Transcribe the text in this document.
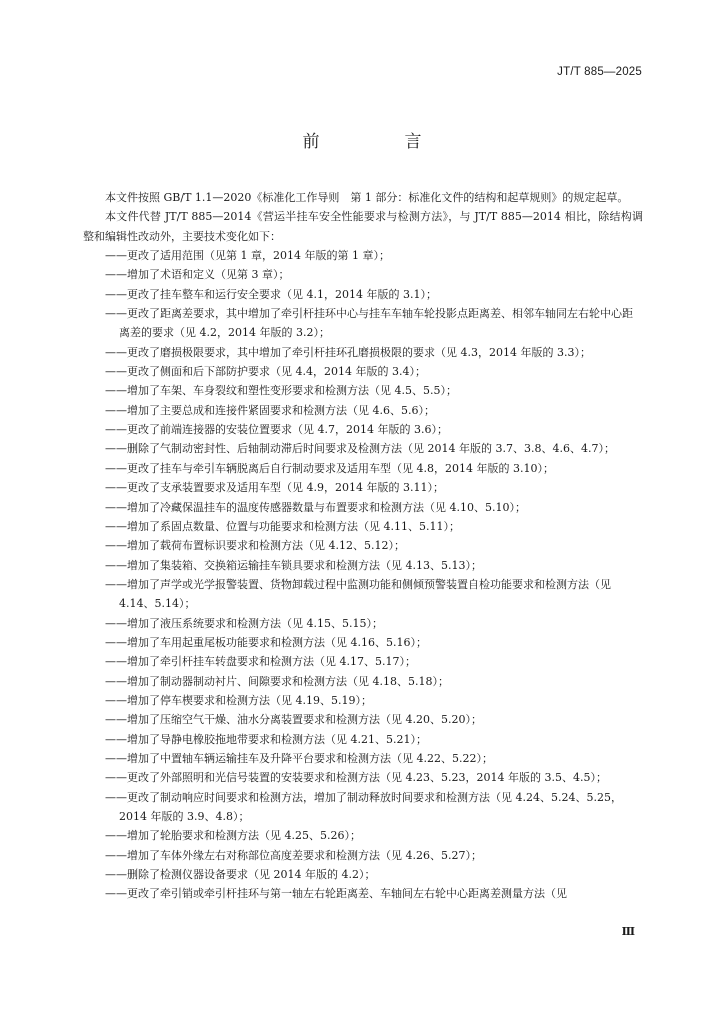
JT/T 885—2025
前　言

本文件按照 GB/T 1.1—2020《标准化工作导则　第 1 部分：标准化文件的结构和起草规则》的规定起草。

本文件代替 JT/T 885—2014《营运半挂车安全性能要求与检测方法》，与 JT/T 885—2014 相比，除结构调整和编辑性改动外，主要技术变化如下：

——更改了适用范围（见第 1 章，2014 年版的第 1 章）；

——增加了术语和定义（见第 3 章）；

——更改了挂车整车和运行安全要求（见 4.1，2014 年版的 3.1）；

——更改了距离差要求，其中增加了牵引杆挂环中心与挂车车轴车轮投影点距离差、相邻车轴同左右轮中心距离差的要求（见 4.2，2014 年版的 3.2）；

——更改了磨损极限要求，其中增加了牵引杆挂环孔磨损极限的要求（见 4.3，2014 年版的 3.3）；

——更改了侧面和后下部防护要求（见 4.4，2014 年版的 3.4）；

——增加了车架、车身裂纹和塑性变形要求和检测方法（见 4.5、5.5）；

——增加了主要总成和连接件紧固要求和检测方法（见 4.6、5.6）；

——更改了前端连接器的安装位置要求（见 4.7，2014 年版的 3.6）；

——删除了气制动密封性、后轴制动滞后时间要求及检测方法（见 2014 年版的 3.7、3.8、4.6、4.7）；

——更改了挂车与牵引车辆脱离后自行制动要求及适用车型（见 4.8，2014 年版的 3.10）；

——更改了支承装置要求及适用车型（见 4.9，2014 年版的 3.11）；

——增加了冷藏保温挂车的温度传感器数量与布置要求和检测方法（见 4.10、5.10）；

——增加了系固点数量、位置与功能要求和检测方法（见 4.11、5.11）；

——增加了载荷布置标识要求和检测方法（见 4.12、5.12）；

——增加了集装箱、交换箱运输挂车锁具要求和检测方法（见 4.13、5.13）；

——增加了声学或光学报警装置、货物卸载过程中监测功能和侧倾预警装置自检功能要求和检测方法（见 4.14、5.14）；

——增加了液压系统要求和检测方法（见 4.15、5.15）；

——增加了车用起重尾板功能要求和检测方法（见 4.16、5.16）；

——增加了牵引杆挂车转盘要求和检测方法（见 4.17、5.17）；

——增加了制动器制动衬片、间隙要求和检测方法（见 4.18、5.18）；

——增加了停车楔要求和检测方法（见 4.19、5.19）；

——增加了压缩空气干燥、油水分离装置要求和检测方法（见 4.20、5.20）；

——增加了导静电橡胶拖地带要求和检测方法（见 4.21、5.21）；

——增加了中置轴车辆运输挂车及升降平台要求和检测方法（见 4.22、5.22）；

——更改了外部照明和光信号装置的安装要求和检测方法（见 4.23、5.23，2014 年版的 3.5、4.5）；

——更改了制动响应时间要求和检测方法，增加了制动释放时间要求和检测方法（见 4.24、5.24、5.25，2014 年版的 3.9、4.8）；

——增加了轮胎要求和检测方法（见 4.25、5.26）；

——增加了车体外缘左右对称部位高度差要求和检测方法（见 4.26、5.27）；

——删除了检测仪器设备要求（见 2014 年版的 4.2）；

——更改了牵引销或牵引杆挂环与第一轴左右轮距离差、车轴间左右轮中心距离差测量方法（见

Ⅲ
